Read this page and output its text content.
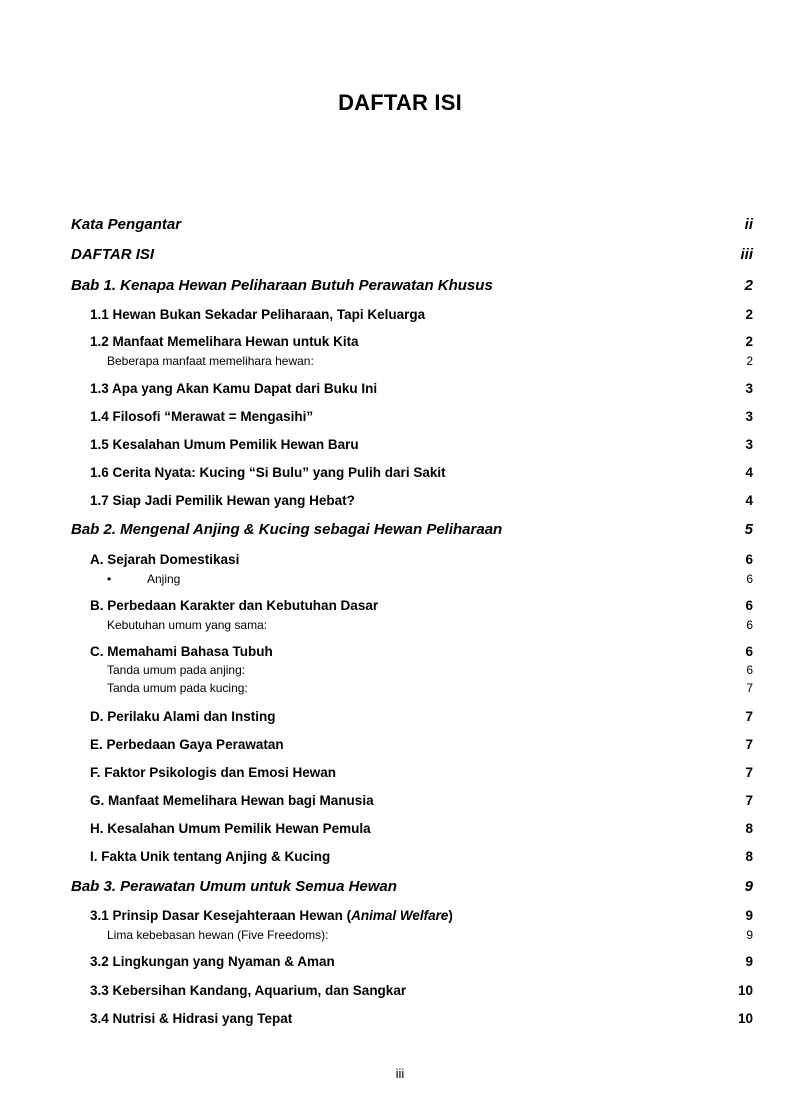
DAFTAR ISI
Kata Pengantar	ii
DAFTAR ISI	iii
Bab 1. Kenapa Hewan Peliharaan Butuh Perawatan Khusus	2
1.1 Hewan Bukan Sekadar Peliharaan, Tapi Keluarga	2
1.2 Manfaat Memelihara Hewan untuk Kita	2
Beberapa manfaat memelihara hewan:	2
1.3 Apa yang Akan Kamu Dapat dari Buku Ini	3
1.4 Filosofi “Merawat = Mengasihi”	3
1.5 Kesalahan Umum Pemilik Hewan Baru	3
1.6 Cerita Nyata: Kucing “Si Bulu” yang Pulih dari Sakit	4
1.7 Siap Jadi Pemilik Hewan yang Hebat?	4
Bab 2. Mengenal Anjing & Kucing sebagai Hewan Peliharaan	5
A. Sejarah Domestikasi	6
•	Anjing	6
B. Perbedaan Karakter dan Kebutuhan Dasar	6
Kebutuhan umum yang sama:	6
C. Memahami Bahasa Tubuh	6
Tanda umum pada anjing:	6
Tanda umum pada kucing:	7
D. Perilaku Alami dan Insting	7
E. Perbedaan Gaya Perawatan	7
F. Faktor Psikologis dan Emosi Hewan	7
G. Manfaat Memelihara Hewan bagi Manusia	7
H. Kesalahan Umum Pemilik Hewan Pemula	8
I. Fakta Unik tentang Anjing & Kucing	8
Bab 3. Perawatan Umum untuk Semua Hewan	9
3.1 Prinsip Dasar Kesejahteraan Hewan (Animal Welfare)	9
Lima kebebasan hewan (Five Freedoms):	9
3.2 Lingkungan yang Nyaman & Aman	9
3.3 Kebersihan Kandang, Aquarium, dan Sangkar	10
3.4 Nutrisi & Hidrasi yang Tepat	10
iii
